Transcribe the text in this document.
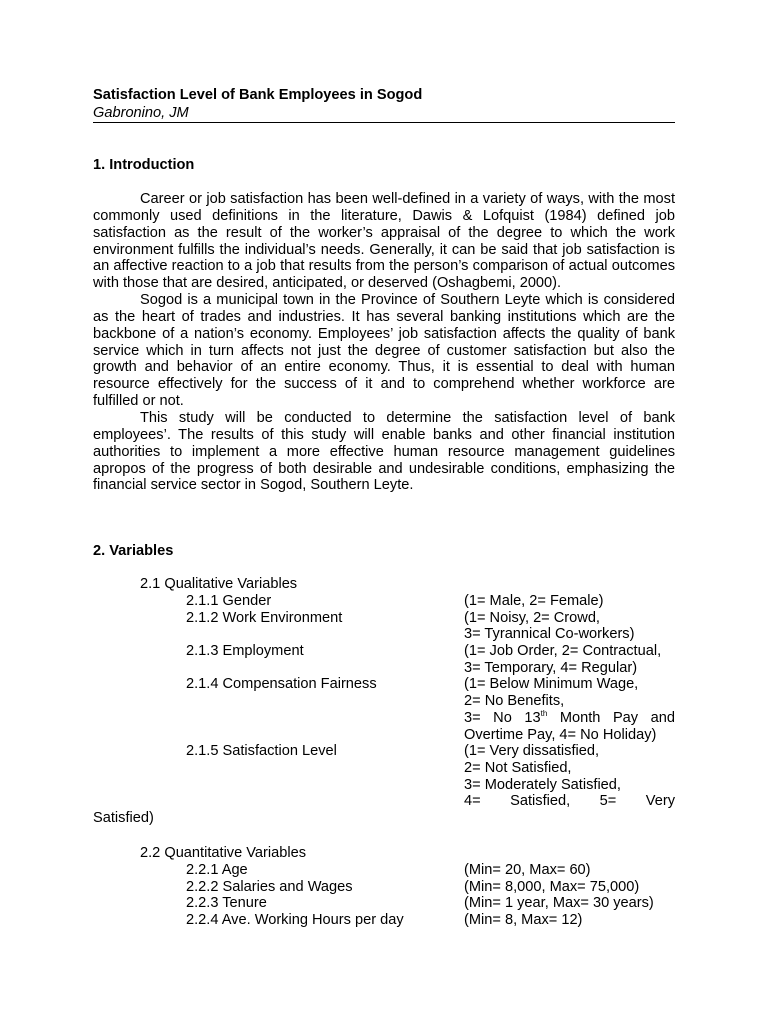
Satisfaction Level of Bank Employees in Sogod
Gabronino, JM
1. Introduction

Career or job satisfaction has been well-defined in a variety of ways, with the most commonly used definitions in the literature, Dawis & Lofquist (1984) defined job satisfaction as the result of the worker’s appraisal of the degree to which the work environment fulfills the individual’s needs. Generally, it can be said that job satisfaction is an affective reaction to a job that results from the person’s comparison of actual outcomes with those that are desired, anticipated, or deserved (Oshagbemi, 2000).

Sogod is a municipal town in the Province of Southern Leyte which is considered as the heart of trades and industries. It has several banking institutions which are the backbone of a nation’s economy. Employees’ job satisfaction affects the quality of bank service which in turn affects not just the degree of customer satisfaction but also the growth and behavior of an entire economy. Thus, it is essential to deal with human resource effectively for the success of it and to comprehend whether workforce are fulfilled or not.

This study will be conducted to determine the satisfaction level of bank employees’. The results of this study will enable banks and other financial institution authorities to implement a more effective human resource management guidelines apropos of the progress of both desirable and undesirable conditions, emphasizing the financial service sector in Sogod, Southern Leyte.

2. Variables
2.1 Qualitative Variables
2.1.1 Gender	(1= Male, 2= Female)
2.1.2 Work Environment	(1= Noisy, 2= Crowd,
3= Tyrannical Co-workers)
2.1.3 Employment	(1= Job Order, 2= Contractual,
3= Temporary, 4= Regular)
2.1.4 Compensation Fairness	(1= Below Minimum Wage,
2= No Benefits,
3= No 13th Month Pay and
Overtime Pay, 4= No Holiday)
2.1.5 Satisfaction Level	(1= Very dissatisfied,
2= Not Satisfied,
3= Moderately Satisfied,
4=   Satisfied,   5=   Very
Satisfied)
2.2 Quantitative Variables
2.2.1 Age	(Min= 20, Max= 60)
2.2.2 Salaries and Wages	(Min= 8,000, Max= 75,000)
2.2.3 Tenure	(Min= 1 year, Max= 30 years)
2.2.4 Ave. Working Hours per day	(Min= 8, Max= 12)
